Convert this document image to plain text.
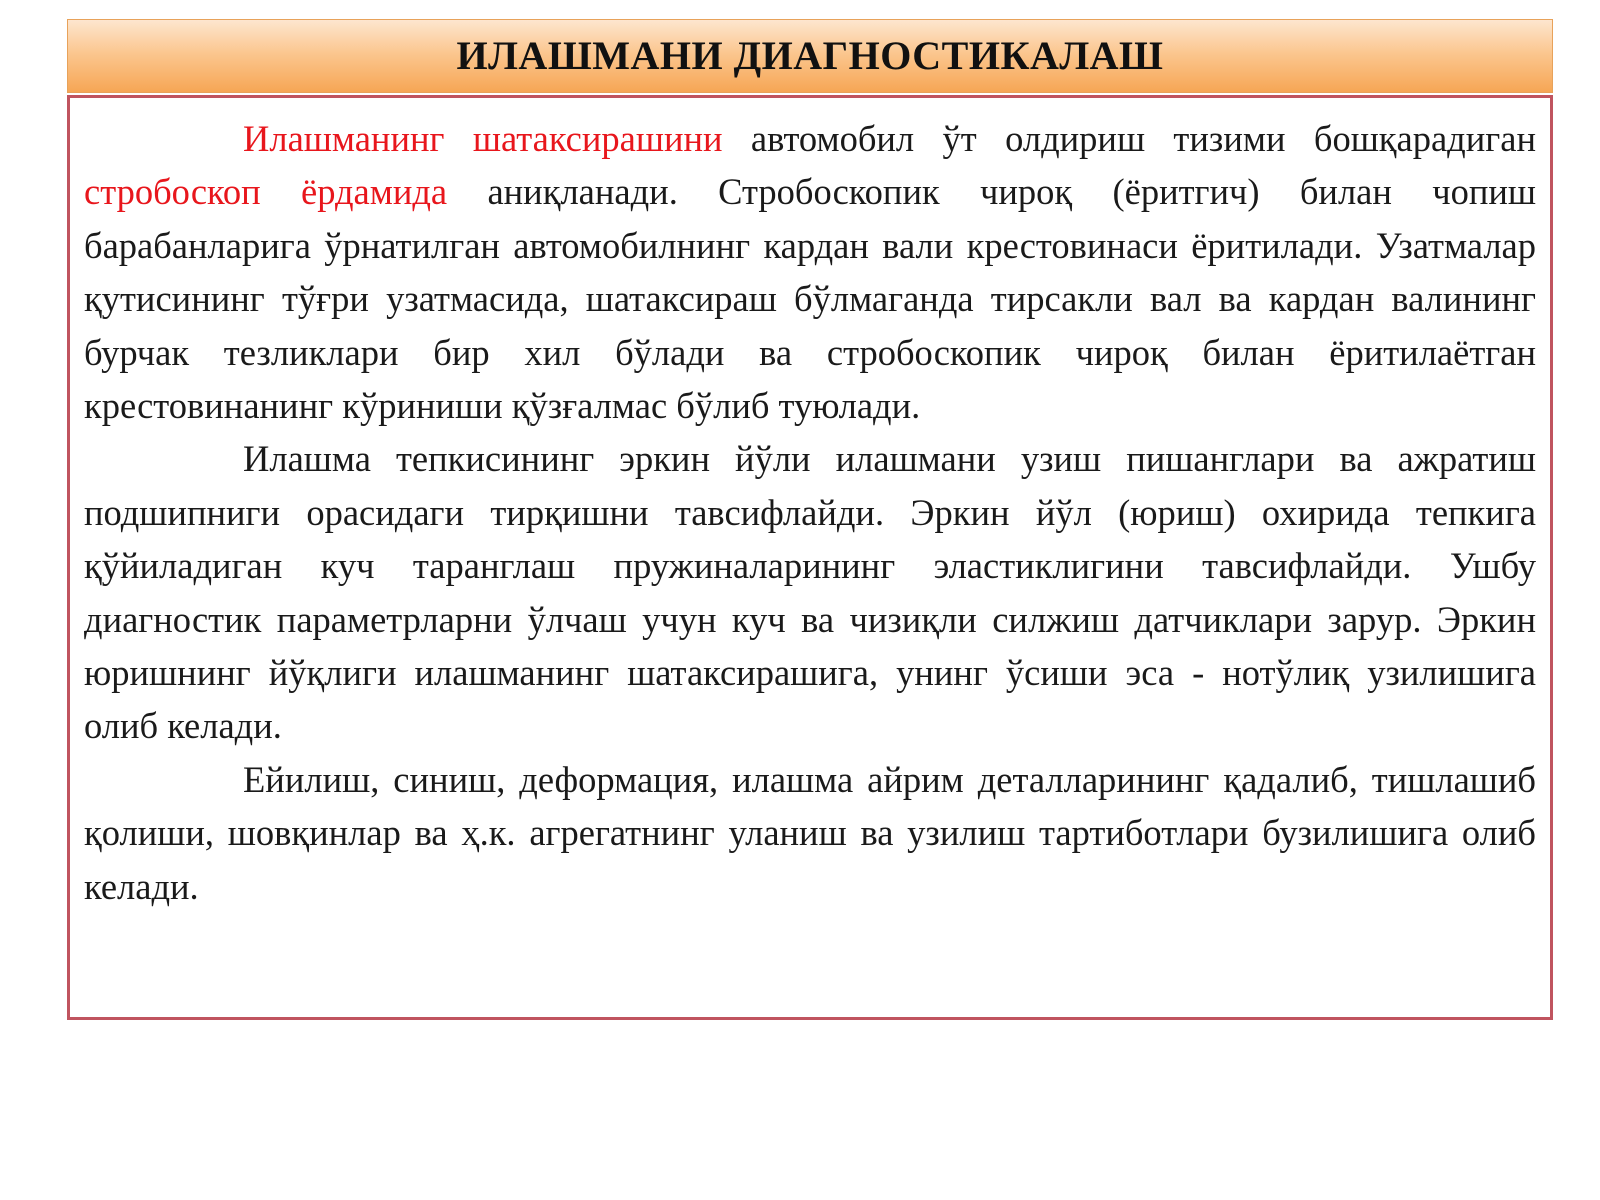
ИЛАШМАНИ ДИАГНОСТИКАЛАШ

Илашманинг шатаксирашини автомобил ўт олдириш тизими бошқарадиган стробоскоп ёрдамида аниқланади. Стробоскопик чироқ (ёритгич) билан чопиш барабанларига ўрнатилган автомобилнинг кардан вали крестовинаси ёритилади. Узатмалар қутисининг тўғри узатмасида, шатаксираш бўлмаганда тирсакли вал ва кардан валининг бурчак тезликлари бир хил бўлади ва стробоскопик чироқ билан ёритилаётган крестовинанинг кўриниши қўзғалмас бўлиб туюлади.

Илашма тепкисининг эркин йўли илашмани узиш пишанглари ва ажратиш подшипниги орасидаги тирқишни тавсифлайди. Эркин йўл (юриш) охирида тепкига қўйиладиган куч таранглаш пружиналарининг эластиклигини тавсифлайди. Ушбу диагностик параметрларни ўлчаш учун куч ва чизиқли силжиш датчиклари зарур. Эркин юришнинг йўқлиги илашманинг шатаксирашига, унинг ўсиши эса - нотўлиқ узилишига олиб келади.

Ейилиш, синиш, деформация, илашма айрим деталларининг қадалиб, тишлашиб қолиши, шовқинлар ва ҳ.к. агрегатнинг уланиш ва узилиш тартиботлари бузилишига олиб келади.
